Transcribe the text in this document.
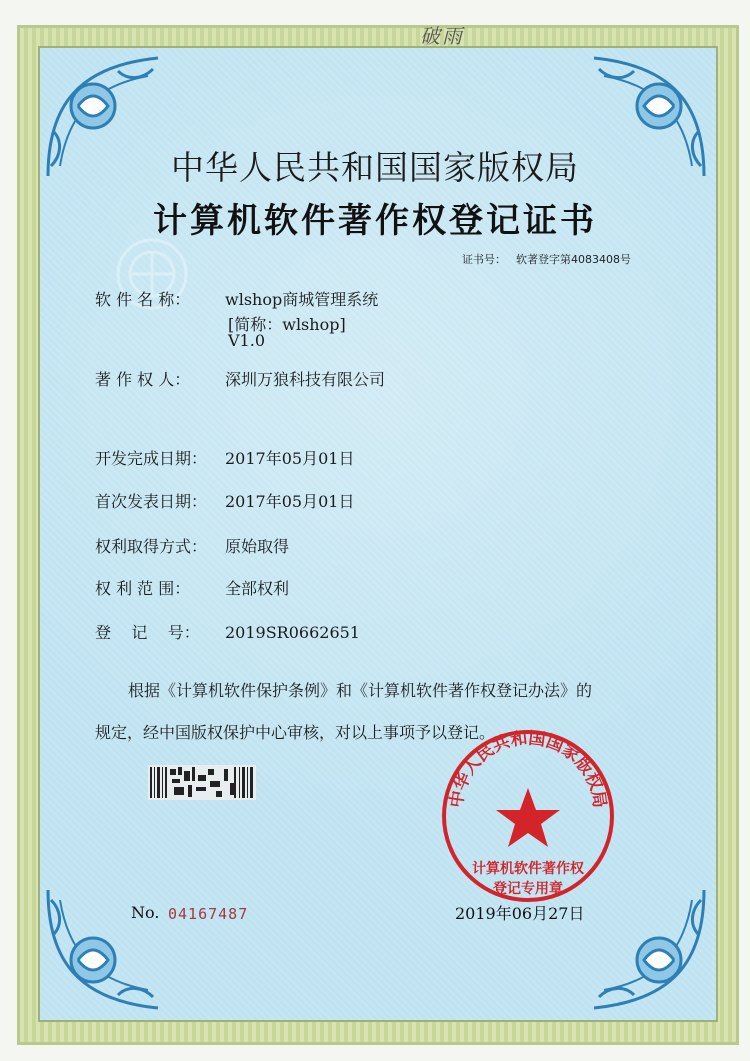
破雨
中华人民共和国国家版权局
计算机软件著作权登记证书
证书号： 软著登字第4083408号
软 件 名 称： wlshop商城管理系统
[简称：wlshop]
V1.0
著 作 权 人： 深圳万狼科技有限公司
开发完成日期： 2017年05月01日
首次发表日期： 2017年05月01日
权利取得方式： 原始取得
权 利 范 围： 全部权利
登    记    号： 2019SR0662651
根据《计算机软件保护条例》和《计算机软件著作权登记办法》的
规定，经中国版权保护中心审核，对以上事项予以登记。
中华人民共和国国家版权局
计算机软件著作权
登记专用章
No. 04167487	2019年06月27日
